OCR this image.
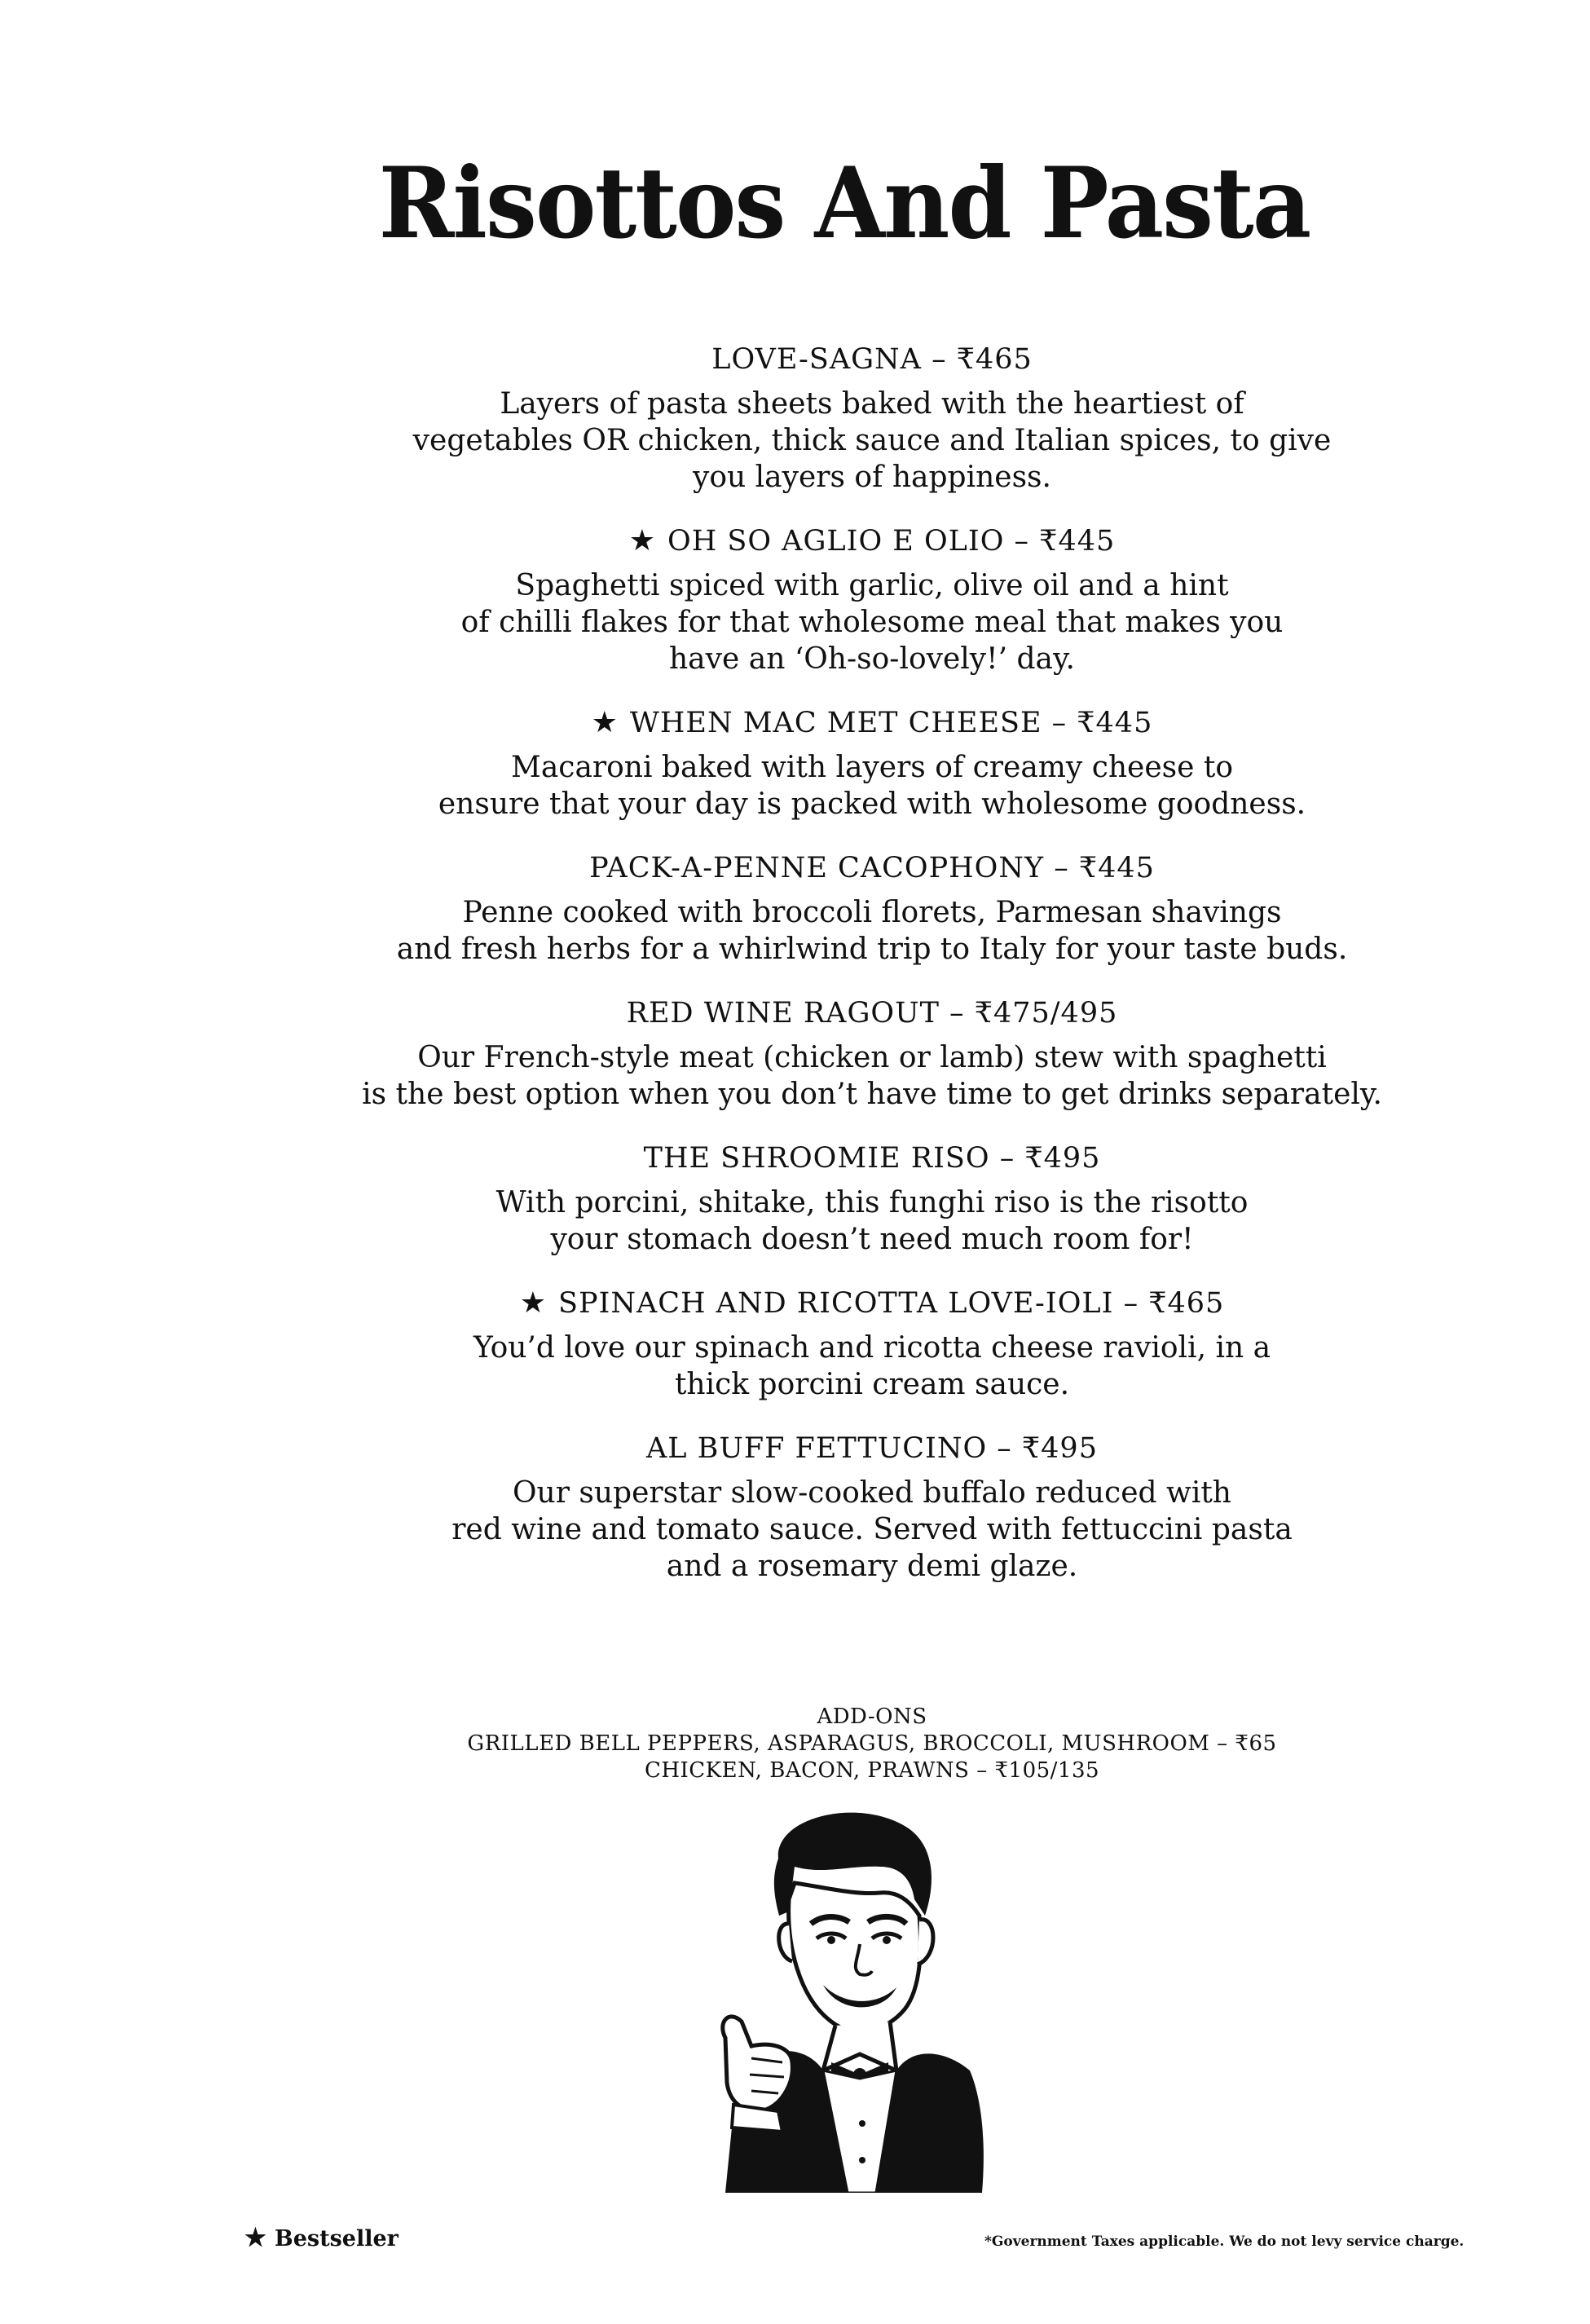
Risottos And Pasta
LOVE-SAGNA – ₹465
Layers of pasta sheets baked with the heartiest of
vegetables OR chicken, thick sauce and Italian spices, to give
you layers of happiness.
★ OH SO AGLIO E OLIO – ₹445
Spaghetti spiced with garlic, olive oil and a hint
of chilli flakes for that wholesome meal that makes you
have an ‘Oh-so-lovely!’ day.
★ WHEN MAC MET CHEESE – ₹445
Macaroni baked with layers of creamy cheese to
ensure that your day is packed with wholesome goodness.
PACK-A-PENNE CACOPHONY – ₹445
Penne cooked with broccoli florets, Parmesan shavings
and fresh herbs for a whirlwind trip to Italy for your taste buds.
RED WINE RAGOUT – ₹475/495
Our French-style meat (chicken or lamb) stew with spaghetti
is the best option when you don’t have time to get drinks separately.
THE SHROOMIE RISO – ₹495
With porcini, shitake, this funghi riso is the risotto
your stomach doesn’t need much room for!
★ SPINACH AND RICOTTA LOVE-IOLI – ₹465
You’d love our spinach and ricotta cheese ravioli, in a
thick porcini cream sauce.
AL BUFF FETTUCINO – ₹495
Our superstar slow-cooked buffalo reduced with
red wine and tomato sauce. Served with fettuccini pasta
and a rosemary demi glaze.
ADD-ONS
GRILLED BELL PEPPERS, ASPARAGUS, BROCCOLI, MUSHROOM – ₹65
CHICKEN, BACON, PRAWNS – ₹105/135
★ Bestseller	*Government Taxes applicable. We do not levy service charge.
